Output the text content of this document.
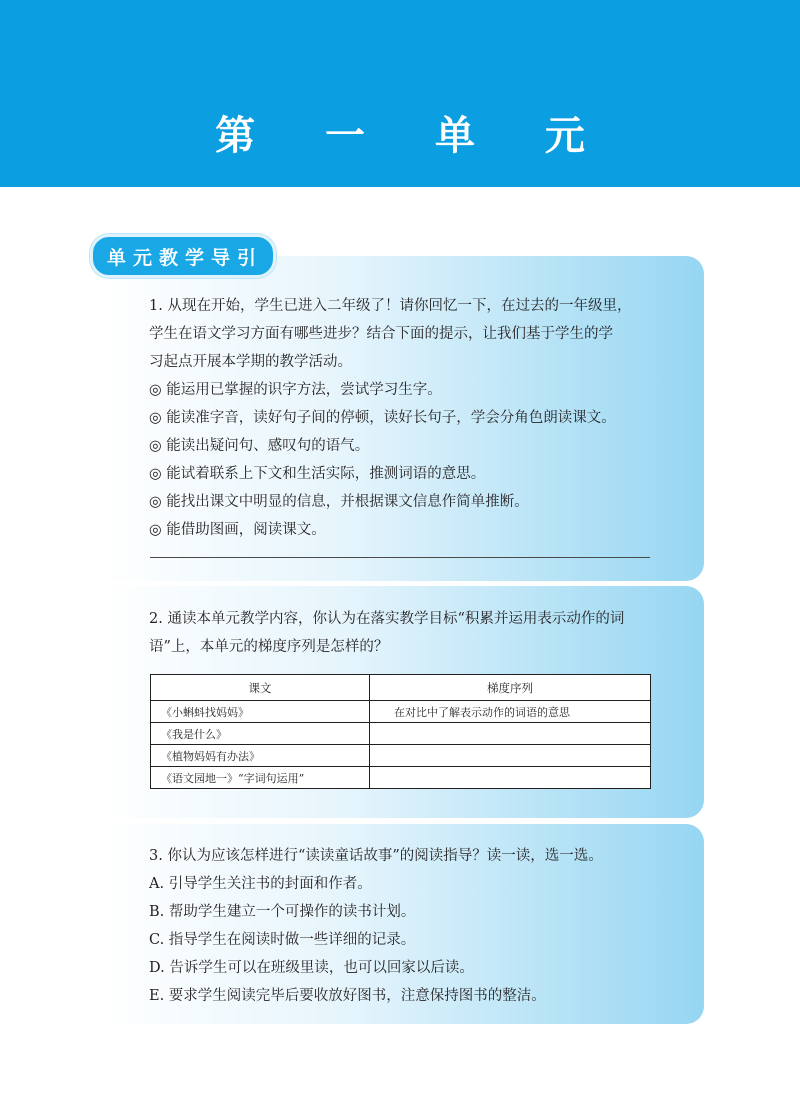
第 一 单 元
单元教学导引
1. 从现在开始，学生已进入二年级了！请你回忆一下，在过去的一年级里，
学生在语文学习方面有哪些进步？结合下面的提示，让我们基于学生的学
习起点开展本学期的教学活动。
◎ 能运用已掌握的识字方法，尝试学习生字。
◎ 能读准字音，读好句子间的停顿，读好长句子，学会分角色朗读课文。
◎ 能读出疑问句、感叹句的语气。
◎ 能试着联系上下文和生活实际，推测词语的意思。
◎ 能找出课文中明显的信息，并根据课文信息作简单推断。
◎ 能借助图画，阅读课文。
2. 通读本单元教学内容，你认为在落实教学目标“积累并运用表示动作的词
语”上，本单元的梯度序列是怎样的？
课文	梯度序列
《小蝌蚪找妈妈》	在对比中了解表示动作的词语的意思
《我是什么》	
《植物妈妈有办法》	
《语文园地一》“字词句运用”	
3. 你认为应该怎样进行“读读童话故事”的阅读指导？读一读，选一选。
A. 引导学生关注书的封面和作者。
B. 帮助学生建立一个可操作的读书计划。
C. 指导学生在阅读时做一些详细的记录。
D. 告诉学生可以在班级里读，也可以回家以后读。
E. 要求学生阅读完毕后要收放好图书，注意保持图书的整洁。
